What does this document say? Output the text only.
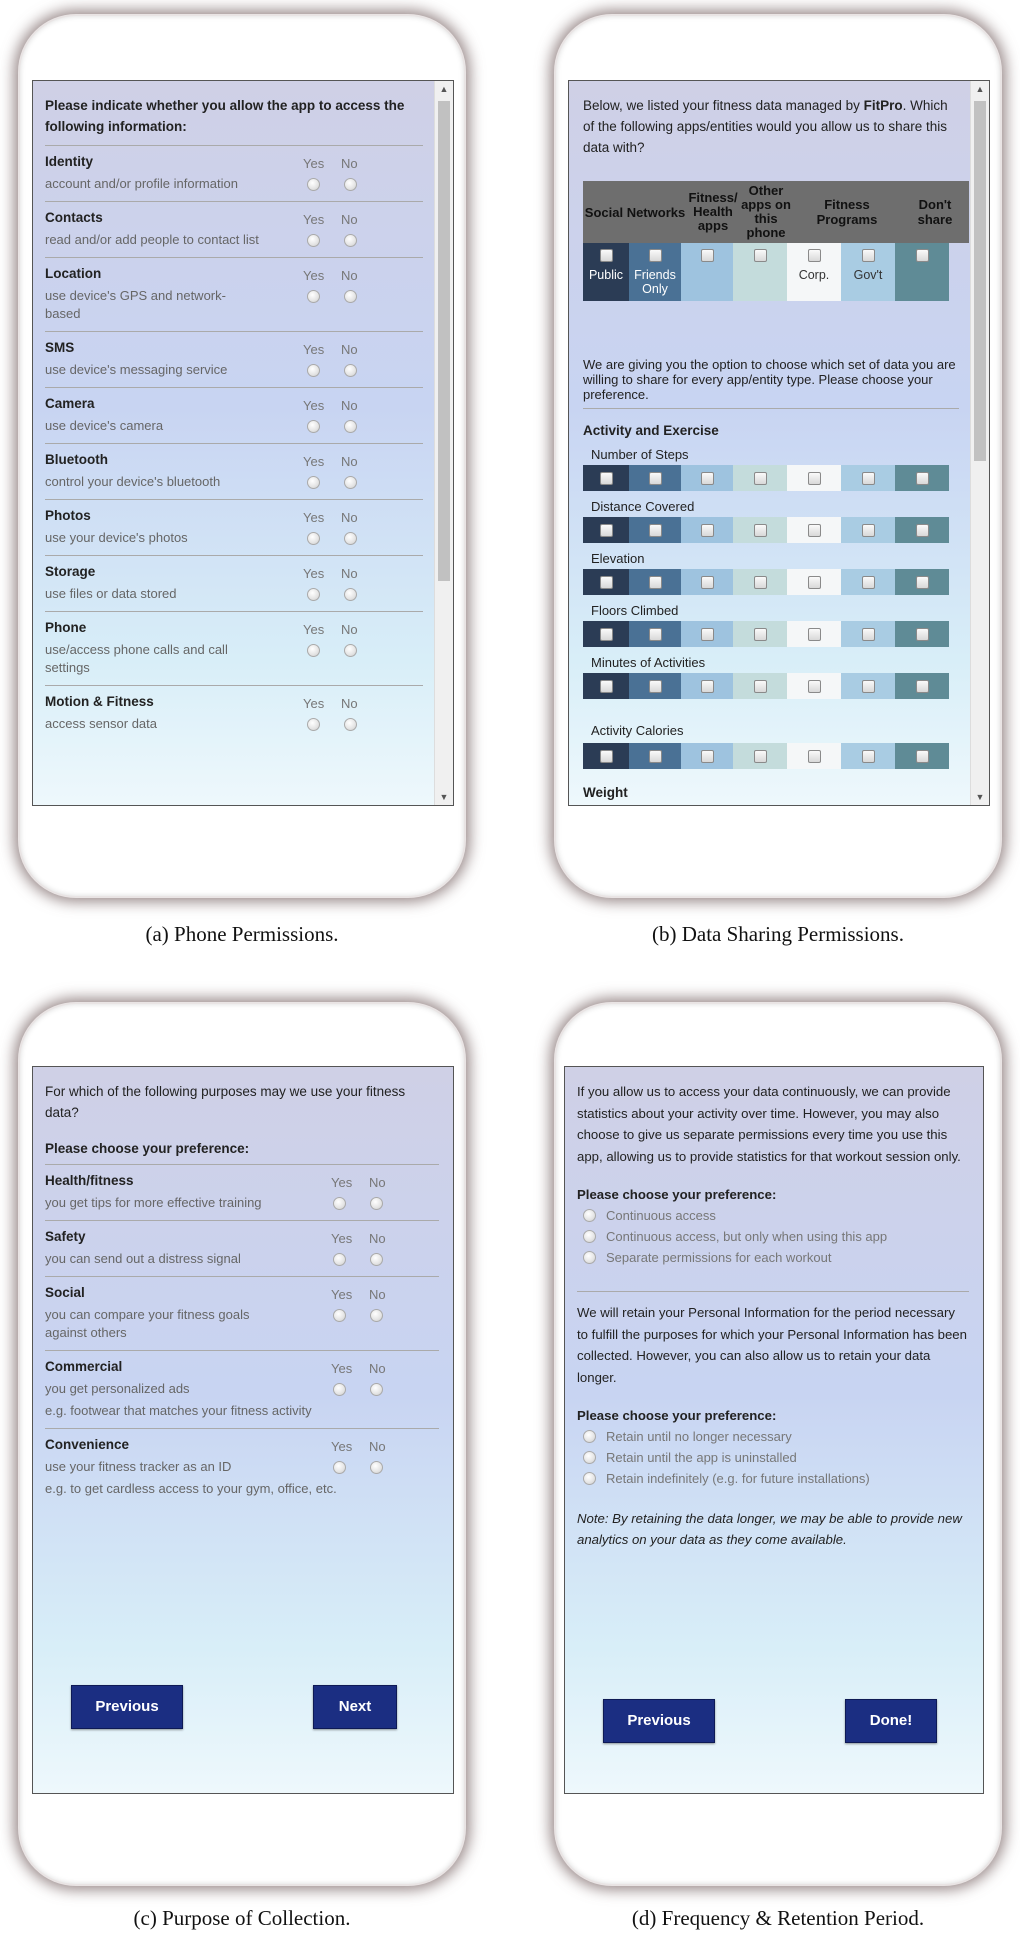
▲
▼
Please indicate whether you allow the app to access the following information:
Identity
account and/or profile information
Yes No
Contacts
read and/or add people to contact list
Yes No
Location
use device's GPS and network-based
Yes No
SMS
use device's messaging service
Yes No
Camera
use device's camera
Yes No
Bluetooth
control your device's bluetooth
Yes No
Photos
use your device's photos
Yes No
Storage
use files or data stored
Yes No
Phone
use/access phone calls and call settings
Yes No
Motion & Fitness
access sensor data
Yes No
(a) Phone Permissions.
▲
▼
Below, we listed your fitness data managed by FitPro. Which of the following apps/entities would you allow us to share this data with?
Social Networks
Fitness/ Health apps
Other apps on this phone
Fitness Programs
Don't share
Public Friends Only
Corp. Gov't
We are giving you the option to choose which set of data you are willing to share for every app/entity type. Please choose your preference.
Activity and Exercise
Number of Steps
Distance Covered
Elevation
Floors Climbed
Minutes of Activities
Activity Calories
Weight
(b) Data Sharing Permissions.
For which of the following purposes may we use your fitness data?
Please choose your preference:
Health/fitness
you get tips for more effective training
Yes No
Safety
you can send out a distress signal
Yes No
Social
you can compare your fitness goals against others
Yes No
Commercial
you get personalized ads
e.g. footwear that matches your fitness activity
Yes No
Convenience
use your fitness tracker as an ID
e.g. to get cardless access to your gym, office, etc.
Yes No
Previous	Next
(c) Purpose of Collection.
If you allow us to access your data continuously, we can provide statistics about your activity over time. However, you may also choose to give us separate permissions every time you use this app, allowing us to provide statistics for that workout session only.
Please choose your preference:
Continuous access
Continuous access, but only when using this app
Separate permissions for each workout
We will retain your Personal Information for the period necessary to fulfill the purposes for which your Personal Information has been collected. However, you can also allow us to retain your data longer.
Please choose your preference:
Retain until no longer necessary
Retain until the app is uninstalled
Retain indefinitely (e.g. for future installations)
Note: By retaining the data longer, we may be able to provide new analytics on your data as they come available.
Previous	Done!
(d) Frequency & Retention Period.
